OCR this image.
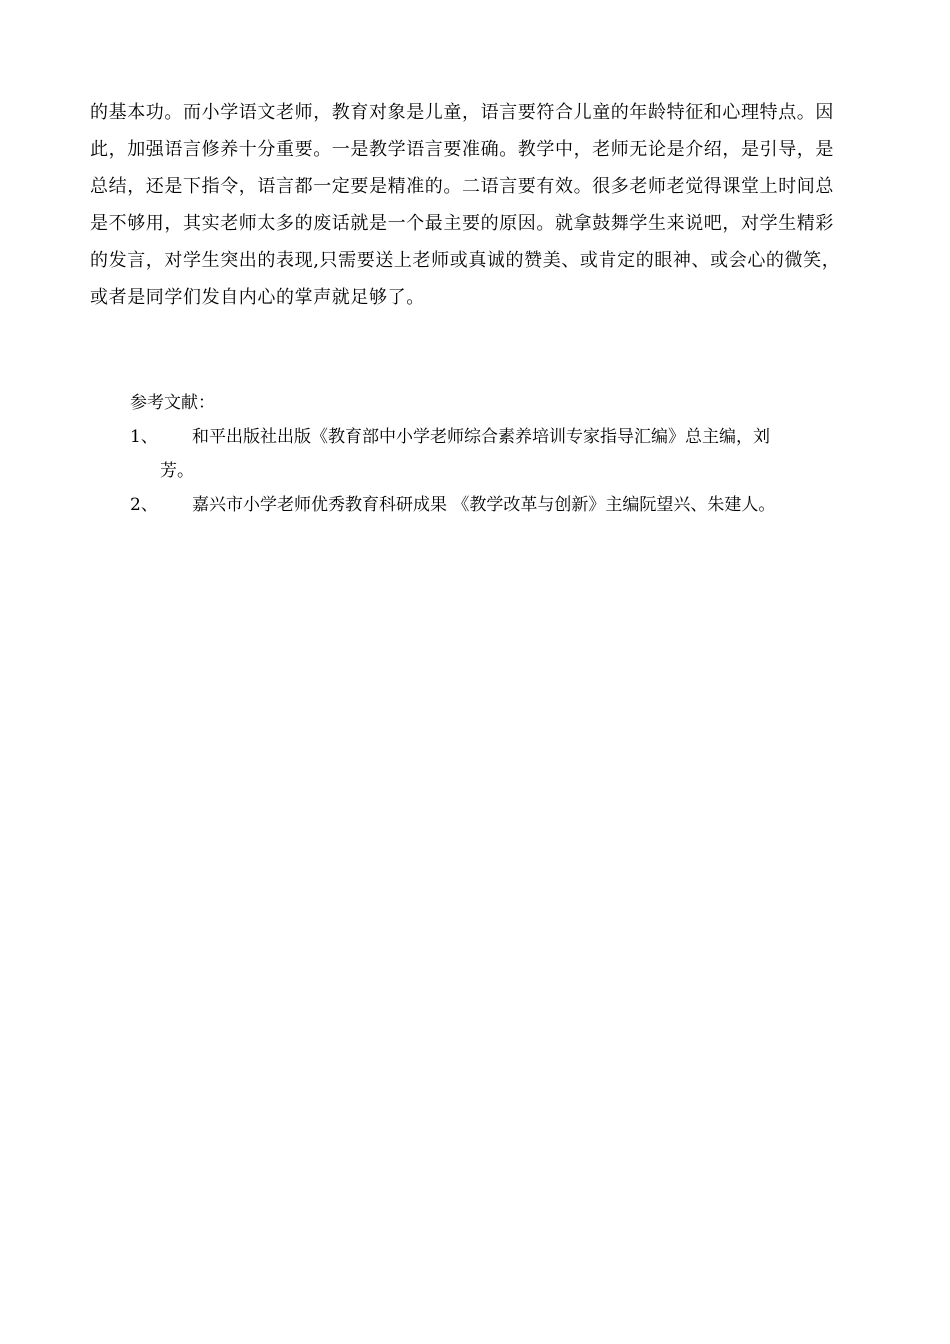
的基本功。而小学语文老师，教育对象是儿童，语言要符合儿童的年龄特征和心理特点。因
此，加强语言修养十分重要。一是教学语言要准确。教学中，老师无论是介绍，是引导，是
总结，还是下指令，语言都一定要是精准的。二语言要有效。很多老师老觉得课堂上时间总
是不够用，其实老师太多的废话就是一个最主要的原因。就拿鼓舞学生来说吧，对学生精彩
的发言，对学生突出的表现,只需要送上老师或真诚的赞美、或肯定的眼神、或会心的微笑，
或者是同学们发自内心的掌声就足够了。
参考文献：
1、 和平出版社出版《教育部中小学老师综合素养培训专家指导汇编》总主编，刘
芳。
2、 嘉兴市小学老师优秀教育科研成果 《教学改革与创新》主编阮望兴、朱建人。
